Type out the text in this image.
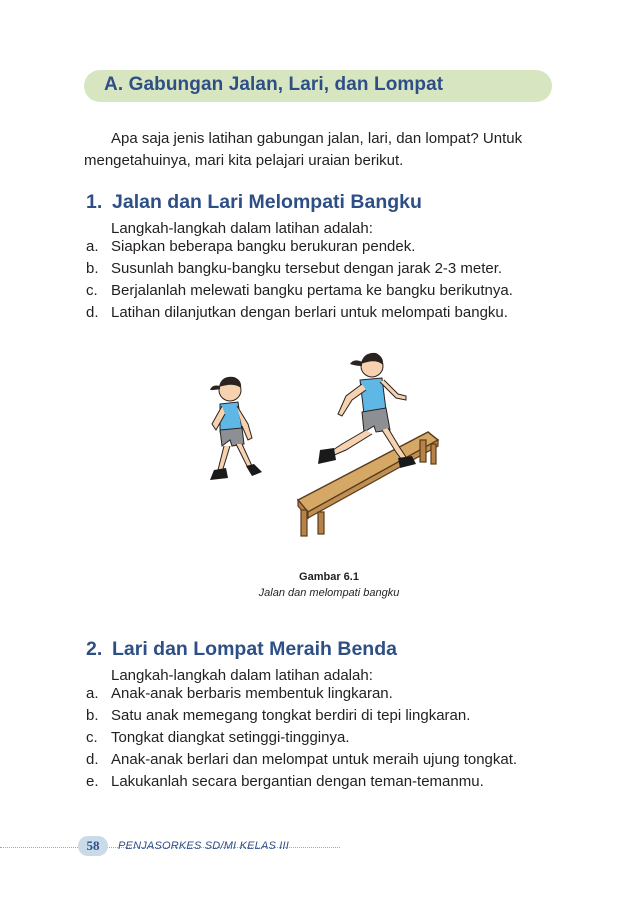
A. Gabungan Jalan, Lari, dan Lompat
Apa saja jenis latihan gabungan jalan, lari, dan lompat? Untuk
mengetahuinya, mari kita pelajari uraian berikut.
1. Jalan dan Lari Melompati Bangku
Langkah-langkah dalam latihan adalah:
a. Siapkan beberapa bangku berukuran pendek.
b. Susunlah bangku-bangku tersebut dengan jarak 2-3 meter.
c. Berjalanlah melewati bangku pertama ke bangku berikutnya.
d. Latihan dilanjutkan dengan berlari untuk melompati bangku.
Gambar 6.1
Jalan dan melompati bangku
2. Lari dan Lompat Meraih Benda
Langkah-langkah dalam latihan adalah:
a. Anak-anak berbaris membentuk lingkaran.
b. Satu anak memegang tongkat berdiri di tepi lingkaran.
c. Tongkat diangkat setinggi-tingginya.
d. Anak-anak berlari dan melompat untuk meraih ujung tongkat.
e. Lakukanlah secara bergantian dengan teman-temanmu.
58	PENJASORKES SD/MI KELAS III
